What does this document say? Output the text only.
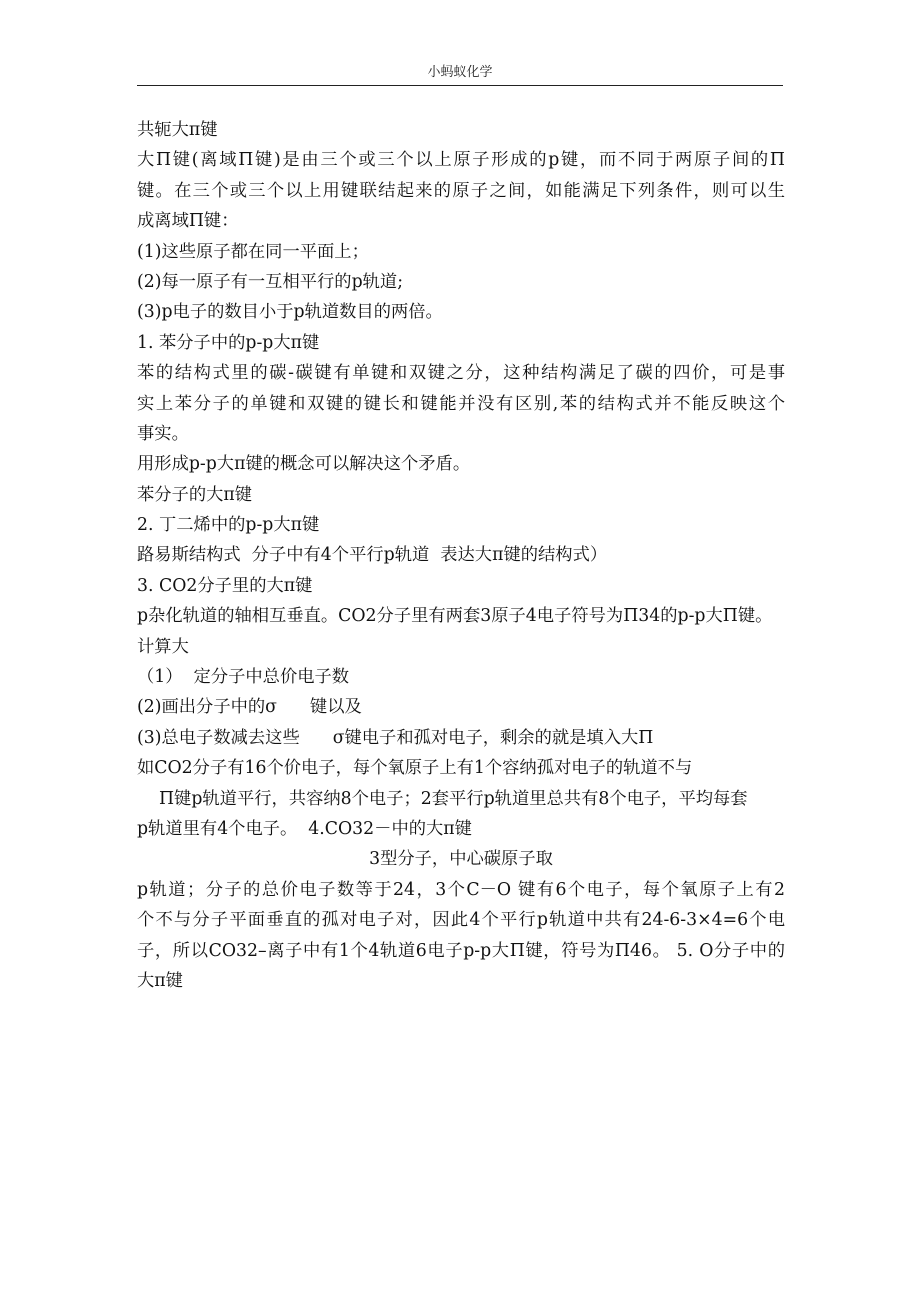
小蚂蚁化学
共轭大π键
大Π键(离域Π键)是由三个或三个以上原子形成的p键，而不同于两原子间的Π
键。在三个或三个以上用键联结起来的原子之间，如能满足下列条件，则可以生
成离域Π键：
(1)这些原子都在同一平面上；
(2)每一原子有一互相平行的p轨道;
(3)p电子的数目小于p轨道数目的两倍。
1. 苯分子中的p-p大π键
苯的结构式里的碳-碳键有单键和双键之分，这种结构满足了碳的四价，可是事
实上苯分子的单键和双键的键长和键能并没有区别,苯的结构式并不能反映这个
事实。
用形成p-p大π键的概念可以解决这个矛盾。
苯分子的大π键
2. 丁二烯中的p-p大π键
路易斯结构式  分子中有4个平行p轨道  表达大π键的结构式）
3. CO2分子里的大π键
p杂化轨道的轴相互垂直。CO2分子里有两套3原子4电子符号为Π34的p-p大Π键。
计算大
（1）  定分子中总价电子数
(2)画出分子中的σ      键以及
(3)总电子数减去这些      σ键电子和孤对电子，剩余的就是填入大Π
如CO2分子有16个价电子，每个氧原子上有1个容纳孤对电子的轨道不与
Π键p轨道平行，共容纳8个电子；2套平行p轨道里总共有8个电子，平均每套
p轨道里有4个电子。  4.CO32－中的大π键
3型分子，中心碳原子取
p轨道；分子的总价电子数等于24，3个C－O 键有6个电子，每个氧原子上有2
个不与分子平面垂直的孤对电子对，因此4个平行p轨道中共有24-6-3×4=6个电
子，所以CO32–离子中有1个4轨道6电子p-p大Π键，符号为Π46。 5. O分子中的
大π键
